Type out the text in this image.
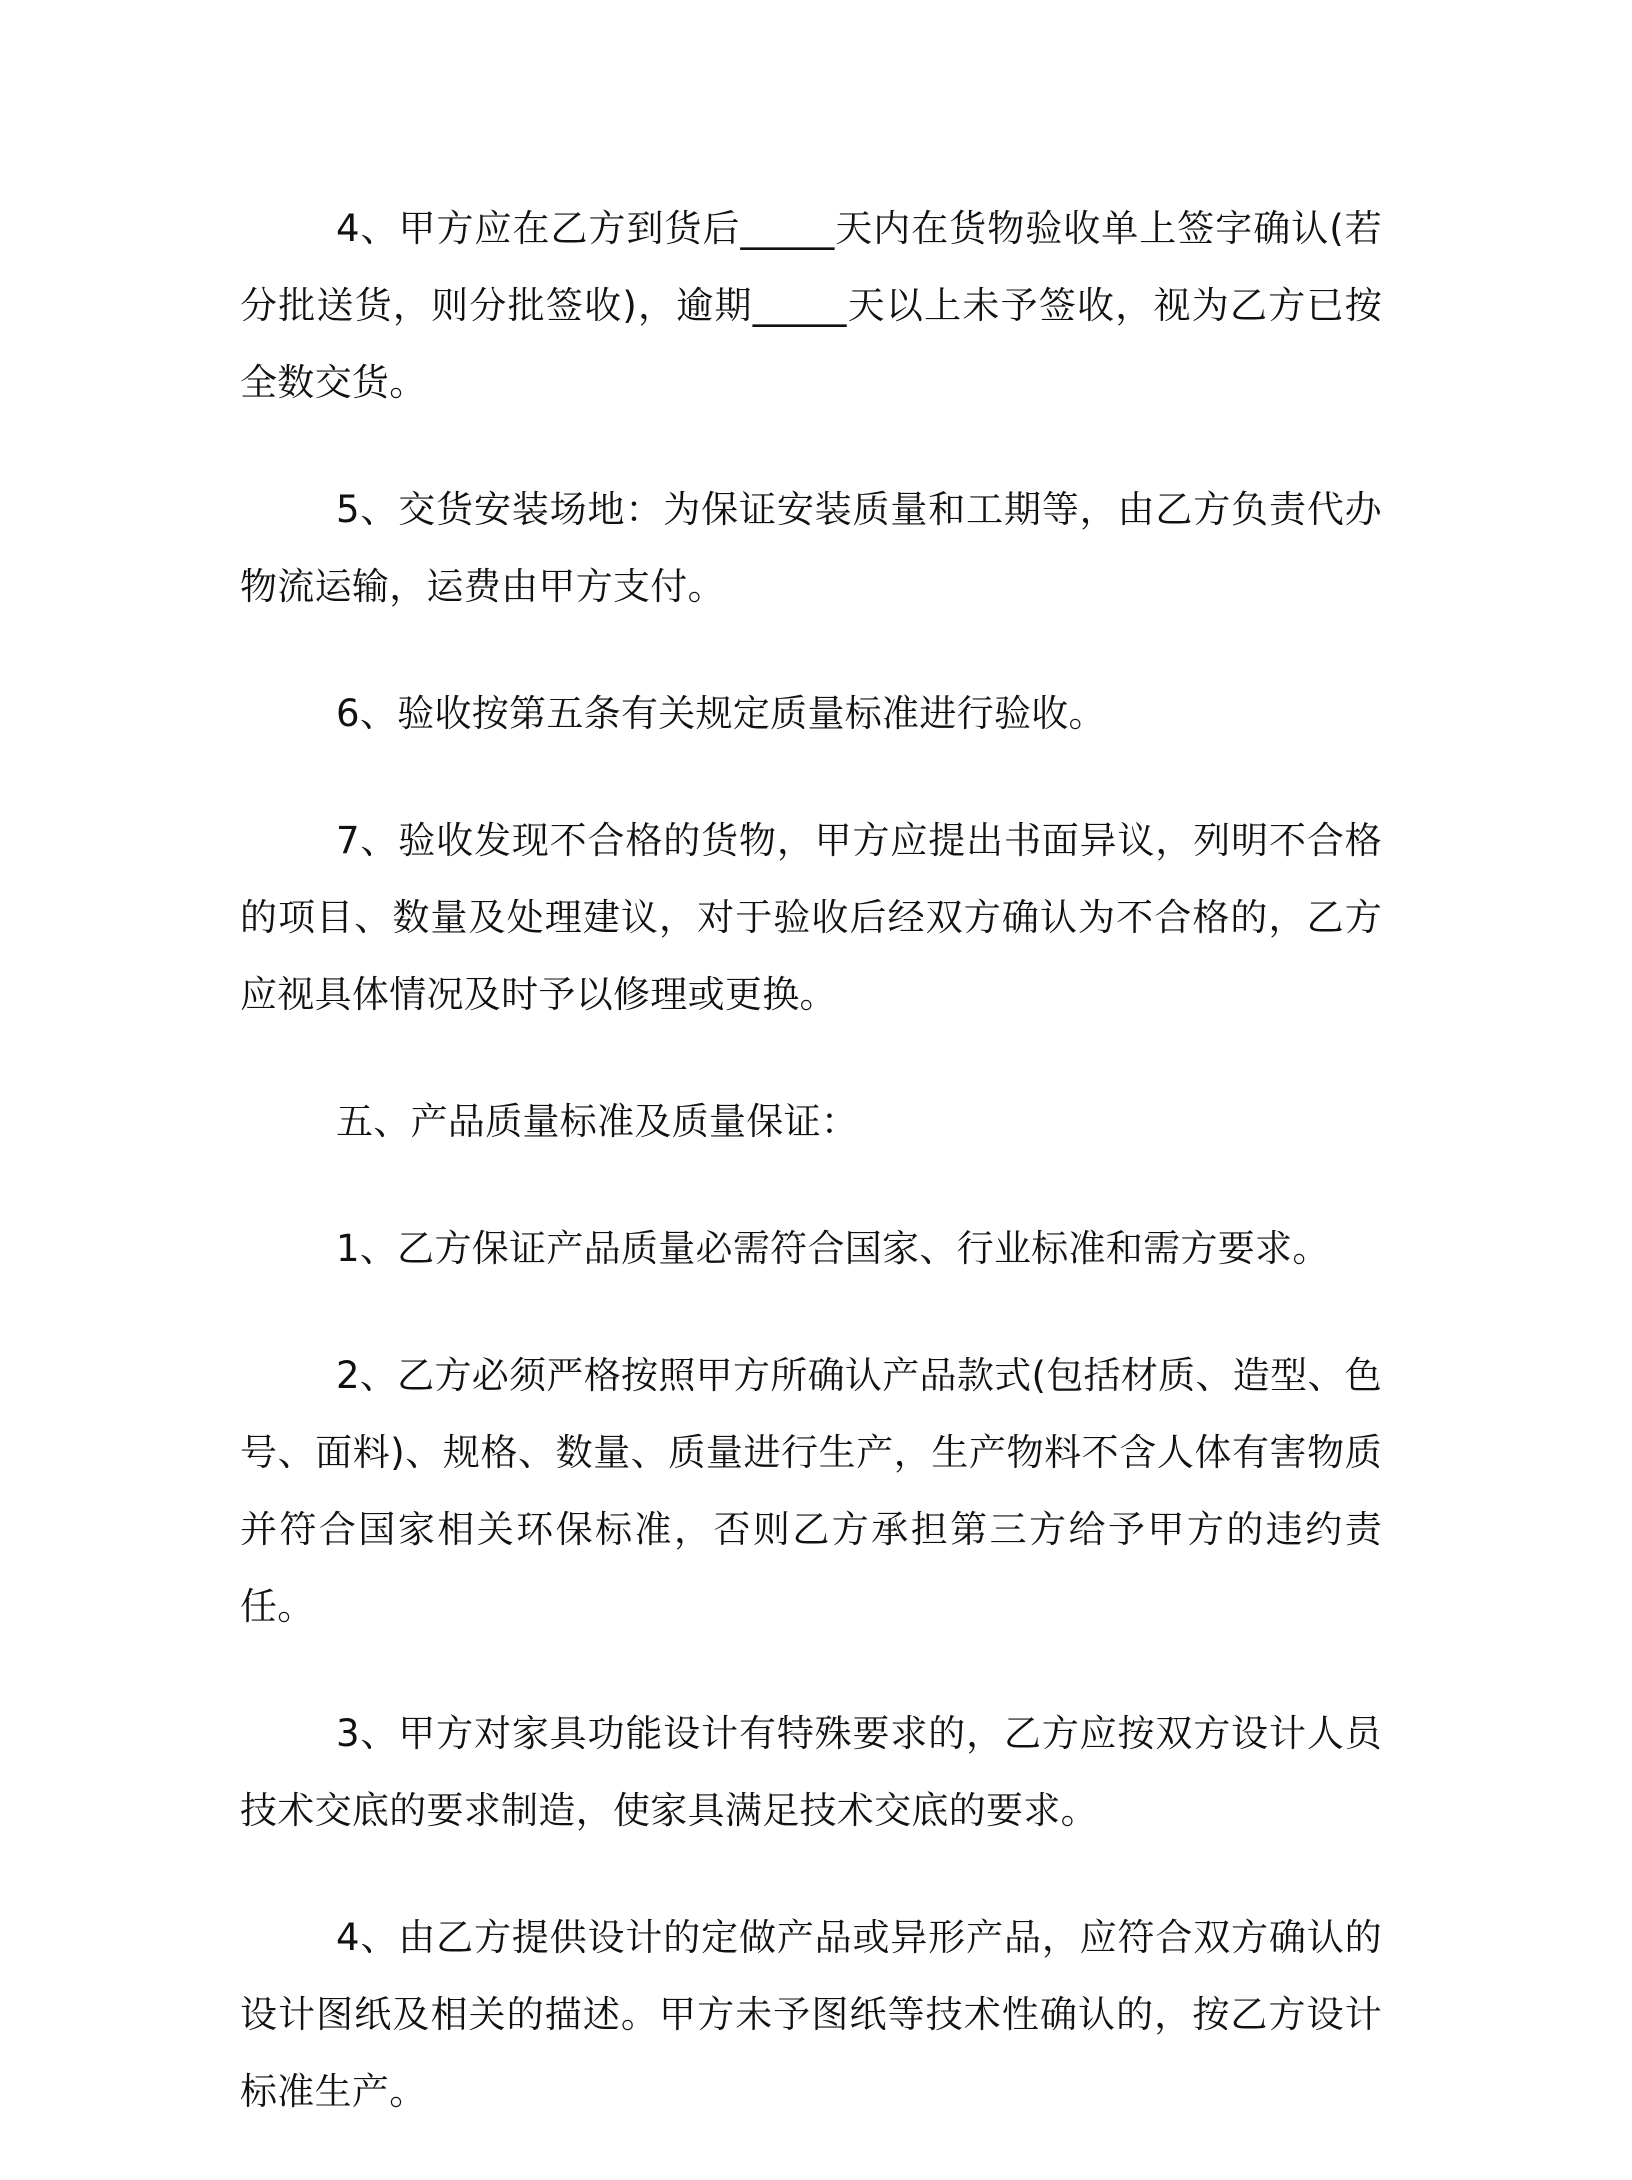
4、甲方应在乙方到货后_____天内在货物验收单上签字确认(若分批送货，则分批签收)，逾期_____天以上未予签收，视为乙方已按全数交货。

5、交货安装场地：为保证安装质量和工期等，由乙方负责代办物流运输，运费由甲方支付。

6、验收按第五条有关规定质量标准进行验收。

7、验收发现不合格的货物，甲方应提出书面异议，列明不合格的项目、数量及处理建议，对于验收后经双方确认为不合格的，乙方应视具体情况及时予以修理或更换。

五、产品质量标准及质量保证：

1、乙方保证产品质量必需符合国家、行业标准和需方要求。

2、乙方必须严格按照甲方所确认产品款式(包括材质、造型、色号、面料)、规格、数量、质量进行生产，生产物料不含人体有害物质并符合国家相关环保标准，否则乙方承担第三方给予甲方的违约责任。

3、甲方对家具功能设计有特殊要求的，乙方应按双方设计人员技术交底的要求制造，使家具满足技术交底的要求。

4、由乙方提供设计的定做产品或异形产品，应符合双方确认的设计图纸及相关的描述。甲方未予图纸等技术性确认的，按乙方设计标准生产。
